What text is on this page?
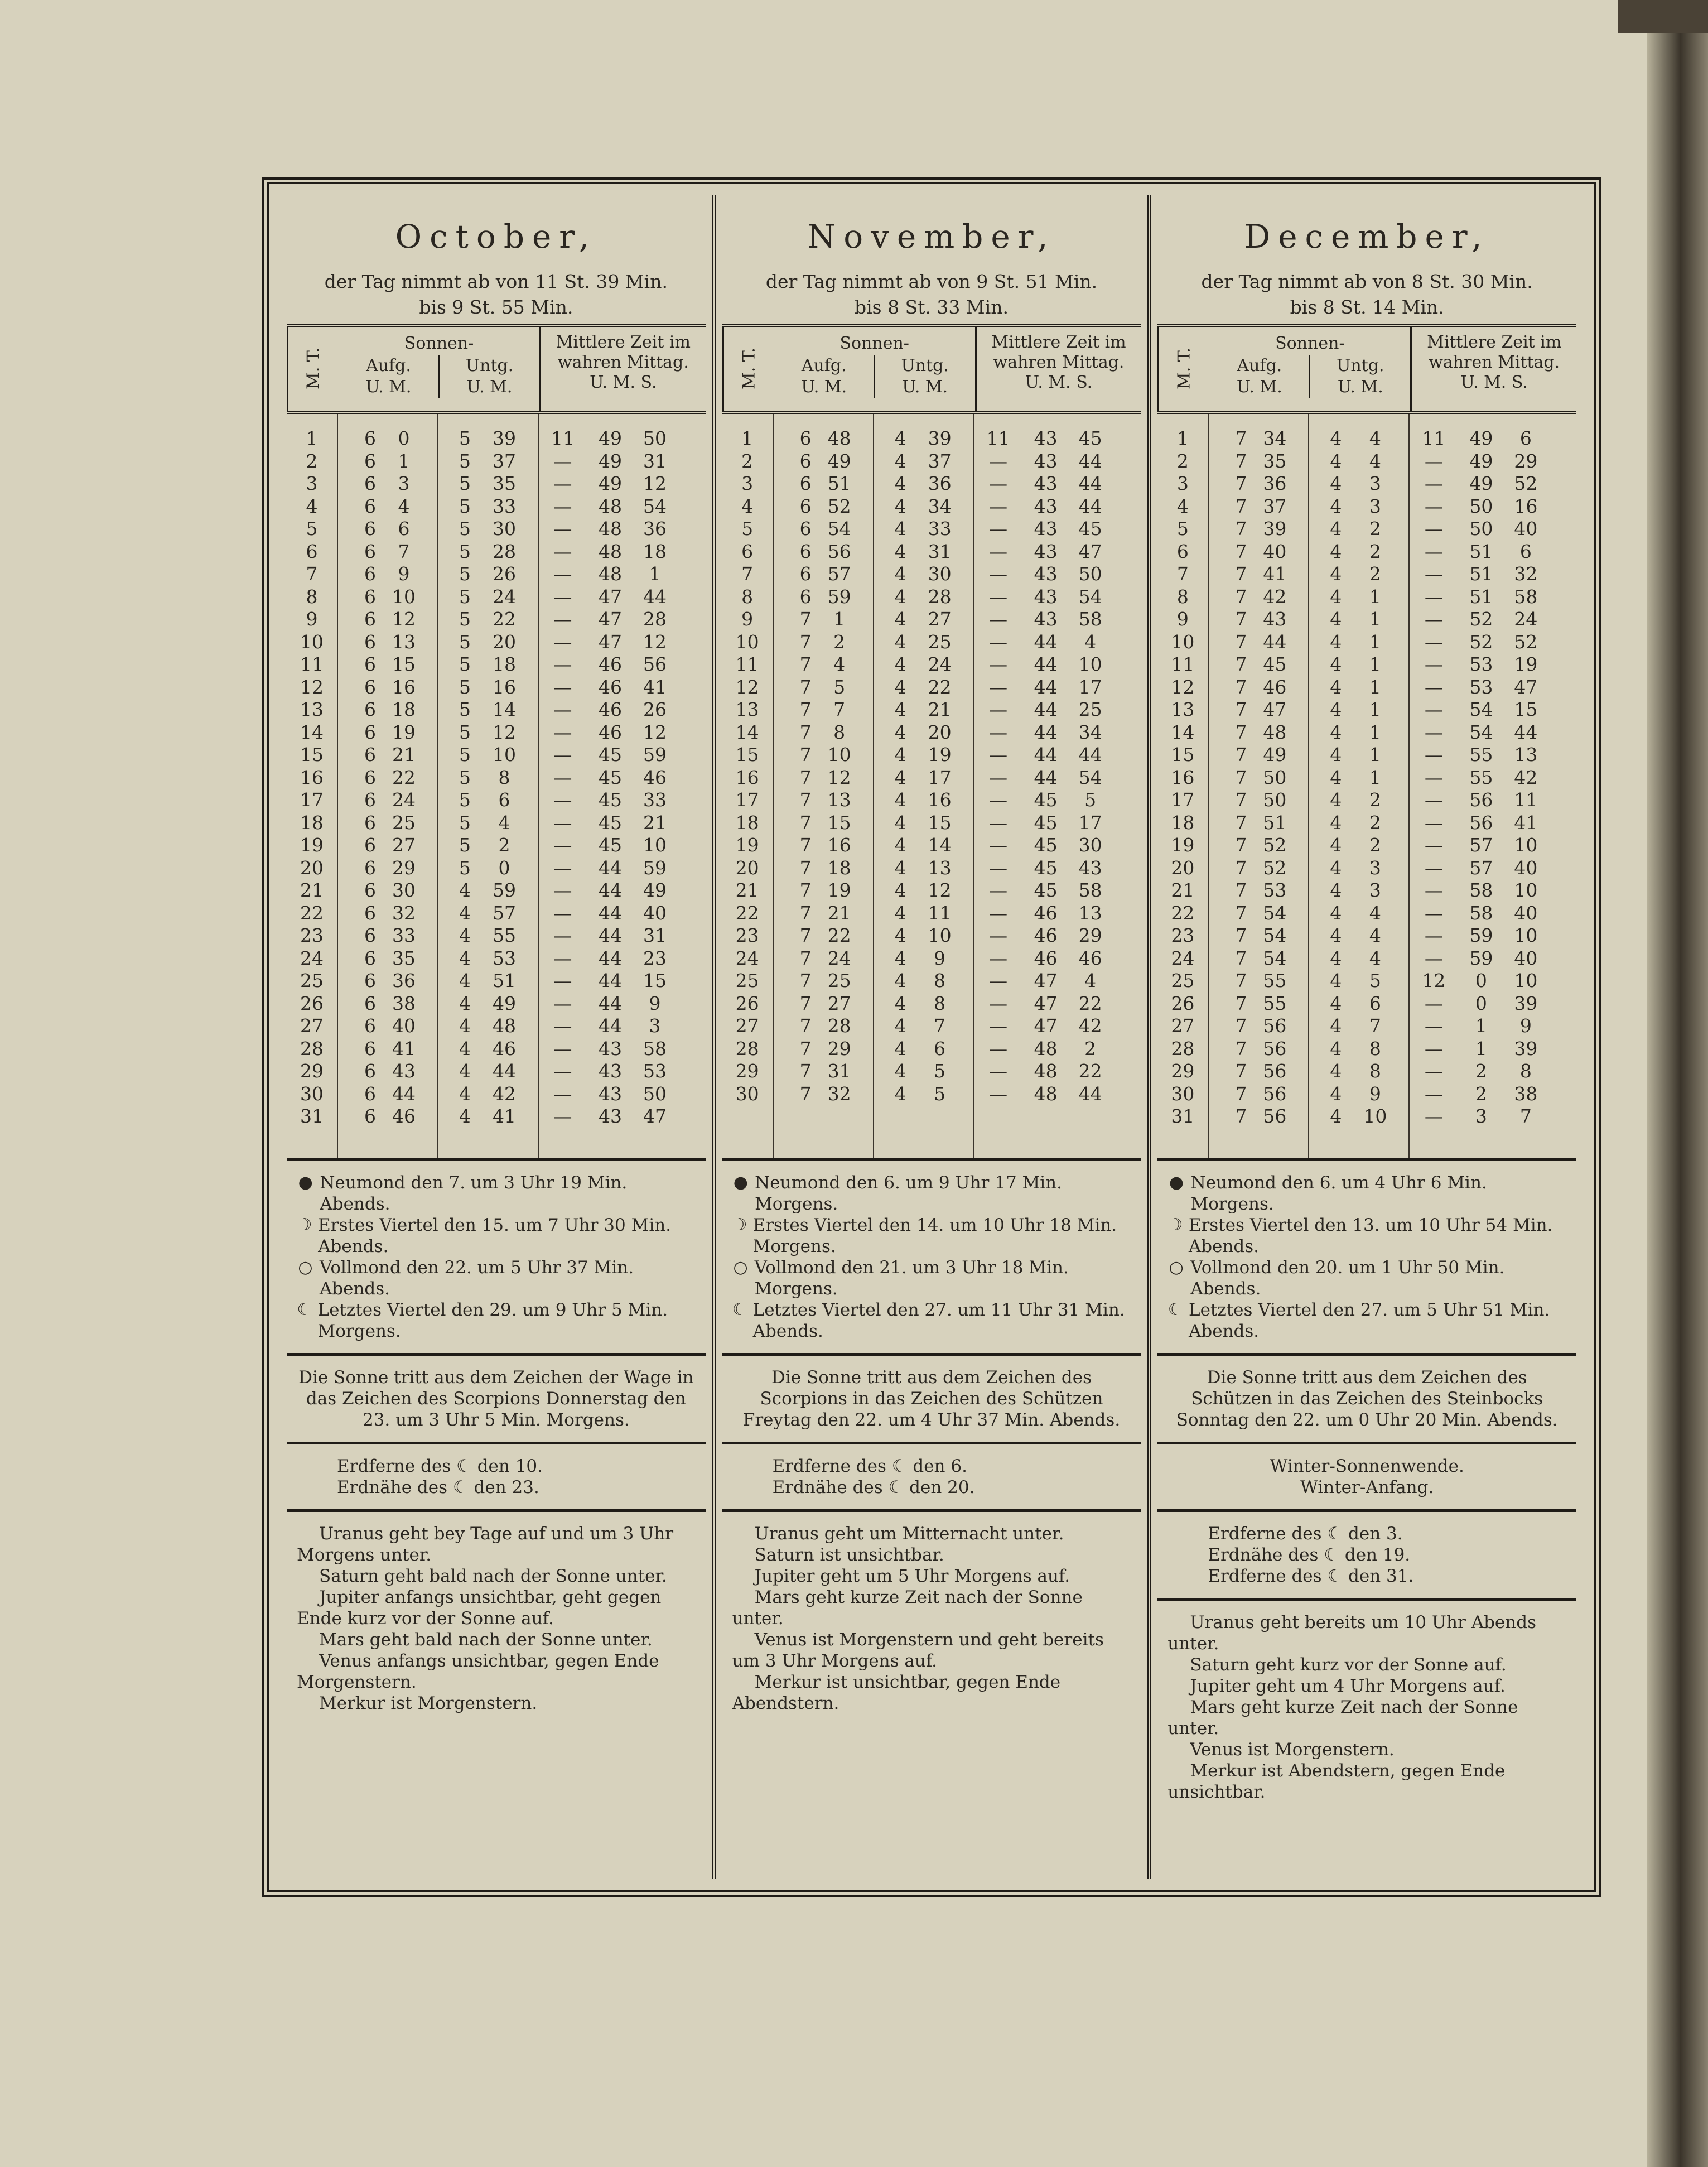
October,
der Tag nimmt ab von 11 St. 39 Min.
bis 9 St. 55 Min.
M. T.
Sonnen-
Aufg.
U. M.
Untg.
U. M.
Mittlere Zeit im
wahren Mittag.
U. M. S.
1	6	0	5	39	11	49	50
2	6	1	5	37	—	49	31
3	6	3	5	35	—	49	12
4	6	4	5	33	—	48	54
5	6	6	5	30	—	48	36
6	6	7	5	28	—	48	18
7	6	9	5	26	—	48	1
8	6 10	5	24	—	47	44
9	6 12	5	22	—	47	28
10	6 13	5	20	—	47	12
11	6 15	5	18	—	46	56
12	6 16	5	16	—	46	41
13	6 18	5	14	—	46	26
14	6 19	5	12	—	46	12
15	6 21	5	10	—	45	59
16	6 22	5	8	—	45	46
17	6 24	5	6	—	45	33
18	6 25	5	4	—	45	21
19	6 27	5	2	—	45	10
20	6 29	5	0	—	44	59
21	6 30	4	59	—	44	49
22	6 32	4	57	—	44	40
23	6 33	4	55	—	44	31
24	6 35	4	53	—	44	23
25	6 36	4	51	—	44	15
26	6 38	4	49	—	44	9
27	6 40	4	48	—	44	3
28	6 41	4	46	—	43	58
29	6 43	4	44	—	43	53
30	6 44	4	42	—	43	50
31	6 46	4	41	—	43	47
● Neumond den 7. um 3 Uhr 19 Min. Abends.
☽ Erstes Viertel den 15. um 7 Uhr 30 Min. Abends.
○ Vollmond den 22. um 5 Uhr 37 Min. Abends.
☾ Letztes Viertel den 29. um 9 Uhr 5 Min. Morgens.
Die Sonne tritt aus dem Zeichen der Wage in das Zeichen des Scorpions Donnerstag den 23. um 3 Uhr 5 Min. Morgens.
Erdferne des ☾ den 10.
Erdnähe des ☾ den 23.
Uranus geht bey Tage auf und um 3 Uhr Morgens unter.
Saturn geht bald nach der Sonne unter.
Jupiter anfangs unsichtbar, geht gegen Ende kurz vor der Sonne auf.
Mars geht bald nach der Sonne unter.
Venus anfangs unsichtbar, gegen Ende Morgenstern.
Merkur ist Morgenstern.
November,
der Tag nimmt ab von 9 St. 51 Min.
bis 8 St. 33 Min.
M. T.
Sonnen-
Aufg.
U. M.
Untg.
U. M.
Mittlere Zeit im
wahren Mittag.
U. M. S.
1	6 48	4	39	11	43	45
2	6 49	4	37	—	43	44
3	6 51	4	36	—	43	44
4	6 52	4	34	—	43	44
5	6 54	4	33	—	43	45
6	6 56	4	31	—	43	47
7	6 57	4	30	—	43	50
8	6 59	4	28	—	43	54
9	7	1	4	27	—	43	58
10	7	2	4	25	—	44	4
11	7	4	4	24	—	44	10
12	7	5	4	22	—	44	17
13	7	7	4	21	—	44	25
14	7	8	4	20	—	44	34
15	7 10	4	19	—	44	44
16	7 12	4	17	—	44	54
17	7 13	4	16	—	45	5
18	7 15	4	15	—	45	17
19	7 16	4	14	—	45	30
20	7 18	4	13	—	45	43
21	7 19	4	12	—	45	58
22	7 21	4	11	—	46	13
23	7 22	4	10	—	46	29
24	7 24	4	9	—	46	46
25	7 25	4	8	—	47	4
26	7 27	4	8	—	47	22
27	7 28	4	7	—	47	42
28	7 29	4	6	—	48	2
29	7 31	4	5	—	48	22
30	7 32	4	5	—	48	44
● Neumond den 6. um 9 Uhr 17 Min. Morgens.
☽ Erstes Viertel den 14. um 10 Uhr 18 Min. Morgens.
○ Vollmond den 21. um 3 Uhr 18 Min. Morgens.
☾ Letztes Viertel den 27. um 11 Uhr 31 Min. Abends.
Die Sonne tritt aus dem Zeichen des Scorpions in das Zeichen des Schützen Freytag den 22. um 4 Uhr 37 Min. Abends.
Erdferne des ☾ den 6.
Erdnähe des ☾ den 20.
Uranus geht um Mitternacht unter.
Saturn ist unsichtbar.
Jupiter geht um 5 Uhr Morgens auf.
Mars geht kurze Zeit nach der Sonne unter.
Venus ist Morgenstern und geht bereits um 3 Uhr Morgens auf.
Merkur ist unsichtbar, gegen Ende Abendstern.
December,
der Tag nimmt ab von 8 St. 30 Min.
bis 8 St. 14 Min.
M. T.
Sonnen-
Aufg.
U. M.
Untg.
U. M.
Mittlere Zeit im
wahren Mittag.
U. M. S.
1	7 34	4	4	11	49	6
2	7 35	4	4	—	49	29
3	7 36	4	3	—	49	52
4	7 37	4	3	—	50	16
5	7 39	4	2	—	50	40
6	7 40	4	2	—	51	6
7	7 41	4	2	—	51	32
8	7 42	4	1	—	51	58
9	7 43	4	1	—	52	24
10	7 44	4	1	—	52	52
11	7 45	4	1	—	53	19
12	7 46	4	1	—	53	47
13	7 47	4	1	—	54	15
14	7 48	4	1	—	54	44
15	7 49	4	1	—	55	13
16	7 50	4	1	—	55	42
17	7 50	4	2	—	56	11
18	7 51	4	2	—	56	41
19	7 52	4	2	—	57	10
20	7 52	4	3	—	57	40
21	7 53	4	3	—	58	10
22	7 54	4	4	—	58	40
23	7 54	4	4	—	59	10
24	7 54	4	4	—	59	40
25	7 55	4	5	12	0	10
26	7 55	4	6	—	0	39
27	7 56	4	7	—	1	9
28	7 56	4	8	—	1	39
29	7 56	4	8	—	2	8
30	7 56	4	9	—	2	38
31	7 56	4	10	—	3	7
● Neumond den 6. um 4 Uhr 6 Min. Morgens.
☽ Erstes Viertel den 13. um 10 Uhr 54 Min. Abends.
○ Vollmond den 20. um 1 Uhr 50 Min. Abends.
☾ Letztes Viertel den 27. um 5 Uhr 51 Min. Abends.
Die Sonne tritt aus dem Zeichen des Schützen in das Zeichen des Steinbocks Sonntag den 22. um 0 Uhr 20 Min. Abends.
Winter-Sonnenwende.
Winter-Anfang.
Erdferne des ☾ den 3.
Erdnähe des ☾ den 19.
Erdferne des ☾ den 31.
Uranus geht bereits um 10 Uhr Abends unter.
Saturn geht kurz vor der Sonne auf.
Jupiter geht um 4 Uhr Morgens auf.
Mars geht kurze Zeit nach der Sonne unter.
Venus ist Morgenstern.
Merkur ist Abendstern, gegen Ende unsichtbar.
